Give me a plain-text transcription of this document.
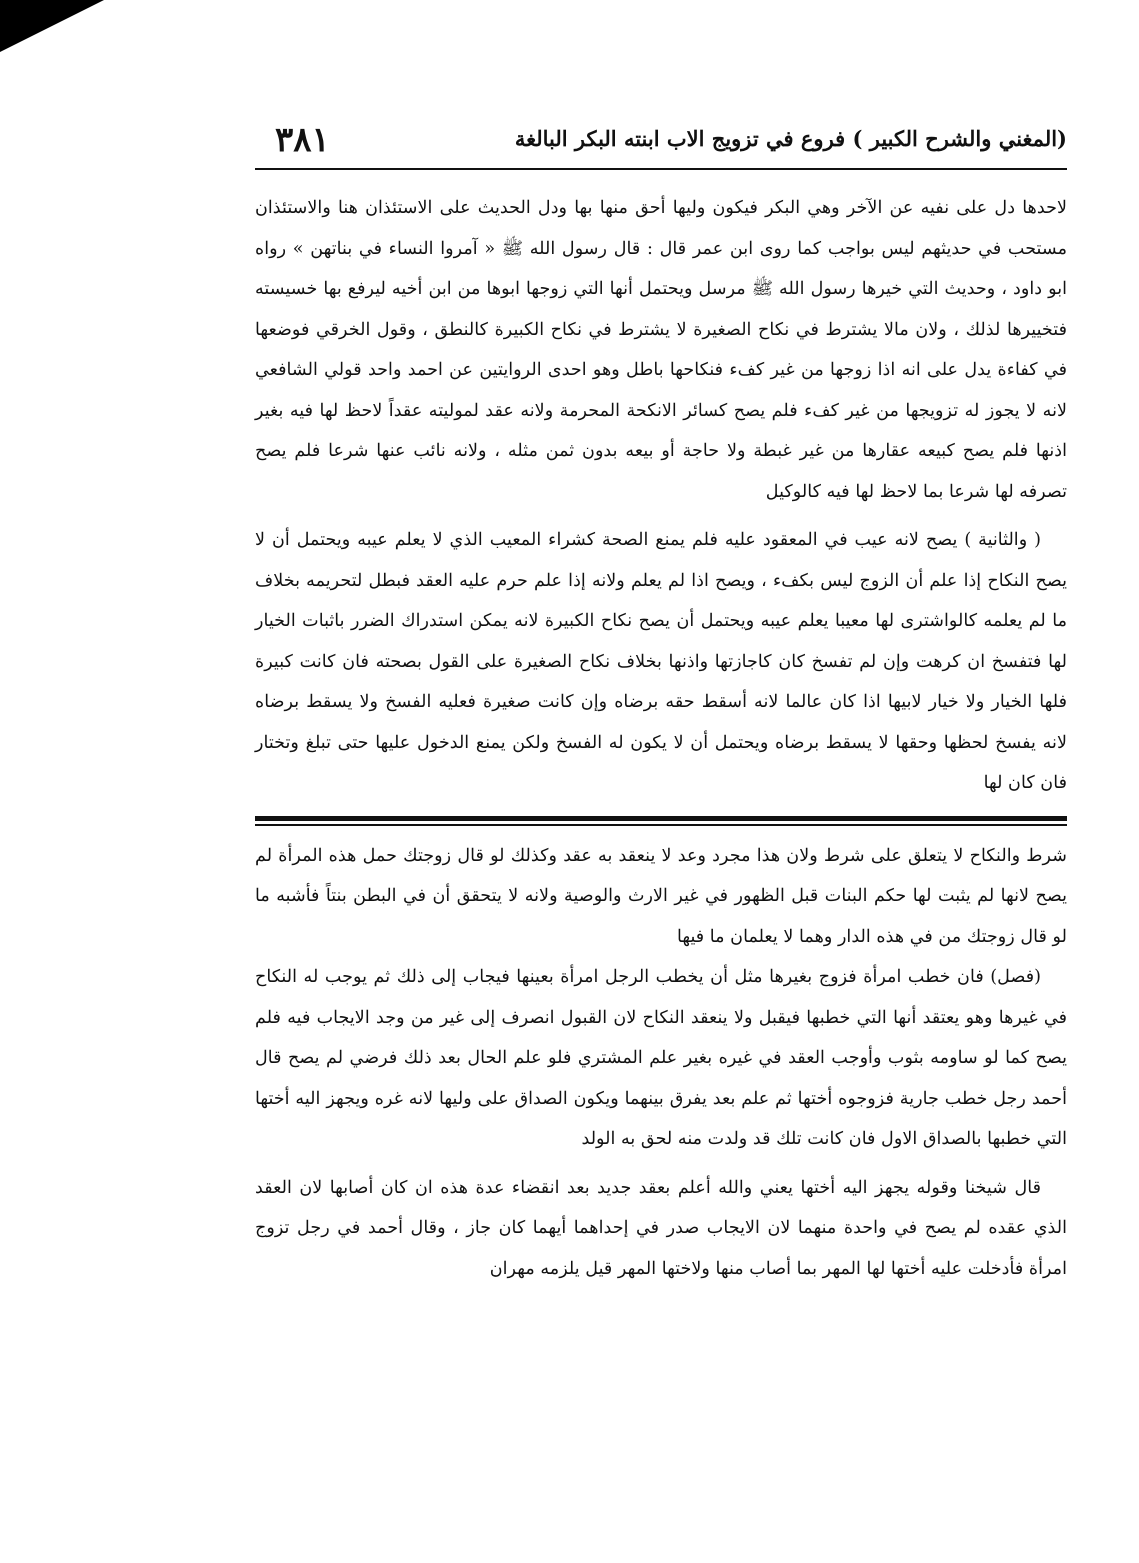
(المغني والشرح الكبير ) فروع في تزويج الاب ابنته البكر البالغة
٣٨١

لاحدها دل على نفيه عن الآخر وهي البكر فيكون وليها أحق منها بها ودل الحديث على الاستئذان هنا والاستئذان مستحب في حديثهم ليس بواجب كما روى ابن عمر قال : قال رسول الله ﷺ « آمروا النساء في بناتهن » رواه ابو داود ، وحديث التي خيرها رسول الله ﷺ مرسل ويحتمل أنها التي زوجها ابوها من ابن أخيه ليرفع بها خسيسته فتخييرها لذلك ، ولان مالا يشترط في نكاح الصغيرة لا يشترط في نكاح الكبيرة كالنطق ، وقول الخرقي فوضعها في كفاءة يدل على انه اذا زوجها من غير كفء فنكاحها باطل وهو احدى الروايتين عن احمد واحد قولي الشافعي لانه لا يجوز له تزويجها من غير كفء فلم يصح كسائر الانكحة المحرمة ولانه عقد لموليته عقداً لاحظ لها فيه بغير اذنها فلم يصح كبيعه عقارها من غير غبطة ولا حاجة أو بيعه بدون ثمن مثله ، ولانه نائب عنها شرعا فلم يصح تصرفه لها شرعا بما لاحظ لها فيه كالوكيل

( والثانية ) يصح لانه عيب في المعقود عليه فلم يمنع الصحة كشراء المعيب الذي لا يعلم عيبه ويحتمل أن لا يصح النكاح إذا علم أن الزوج ليس بكفء ، ويصح اذا لم يعلم ولانه إذا علم حرم عليه العقد فبطل لتحريمه بخلاف ما لم يعلمه كالواشترى لها معيبا يعلم عيبه ويحتمل أن يصح نكاح الكبيرة لانه يمكن استدراك الضرر باثبات الخيار لها فتفسخ ان كرهت وإن لم تفسخ كان كاجازتها واذنها بخلاف نكاح الصغيرة على القول بصحته فان كانت كبيرة فلها الخيار ولا خيار لابيها اذا كان عالما لانه أسقط حقه برضاه وإن كانت صغيرة فعليه الفسخ ولا يسقط برضاه لانه يفسخ لحظها وحقها لا يسقط برضاه ويحتمل أن لا يكون له الفسخ ولكن يمنع الدخول عليها حتى تبلغ وتختار فان كان لها

شرط والنكاح لا يتعلق على شرط ولان هذا مجرد وعد لا ينعقد به عقد وكذلك لو قال زوجتك حمل هذه المرأة لم يصح لانها لم يثبت لها حكم البنات قبل الظهور في غير الارث والوصية ولانه لا يتحقق أن في البطن بنتاً فأشبه ما لو قال زوجتك من في هذه الدار وهما لا يعلمان ما فيها

(فصل) فان خطب امرأة فزوج بغيرها مثل أن يخطب الرجل امرأة بعينها فيجاب إلى ذلك ثم يوجب له النكاح في غيرها وهو يعتقد أنها التي خطبها فيقبل ولا ينعقد النكاح لان القبول انصرف إلى غير من وجد الايجاب فيه فلم يصح كما لو ساومه بثوب وأوجب العقد في غيره بغير علم المشتري فلو علم الحال بعد ذلك فرضي لم يصح قال أحمد رجل خطب جارية فزوجوه أختها ثم علم بعد يفرق بينهما ويكون الصداق على وليها لانه غره ويجهز اليه أختها التي خطبها بالصداق الاول فان كانت تلك قد ولدت منه لحق به الولد

قال شيخنا وقوله يجهز اليه أختها يعني والله أعلم بعقد جديد بعد انقضاء عدة هذه ان كان أصابها لان العقد الذي عقده لم يصح في واحدة منهما لان الايجاب صدر في إحداهما أيهما كان جاز ، وقال أحمد في رجل تزوج امرأة فأدخلت عليه أختها لها المهر بما أصاب منها ولاختها المهر قيل يلزمه مهران
